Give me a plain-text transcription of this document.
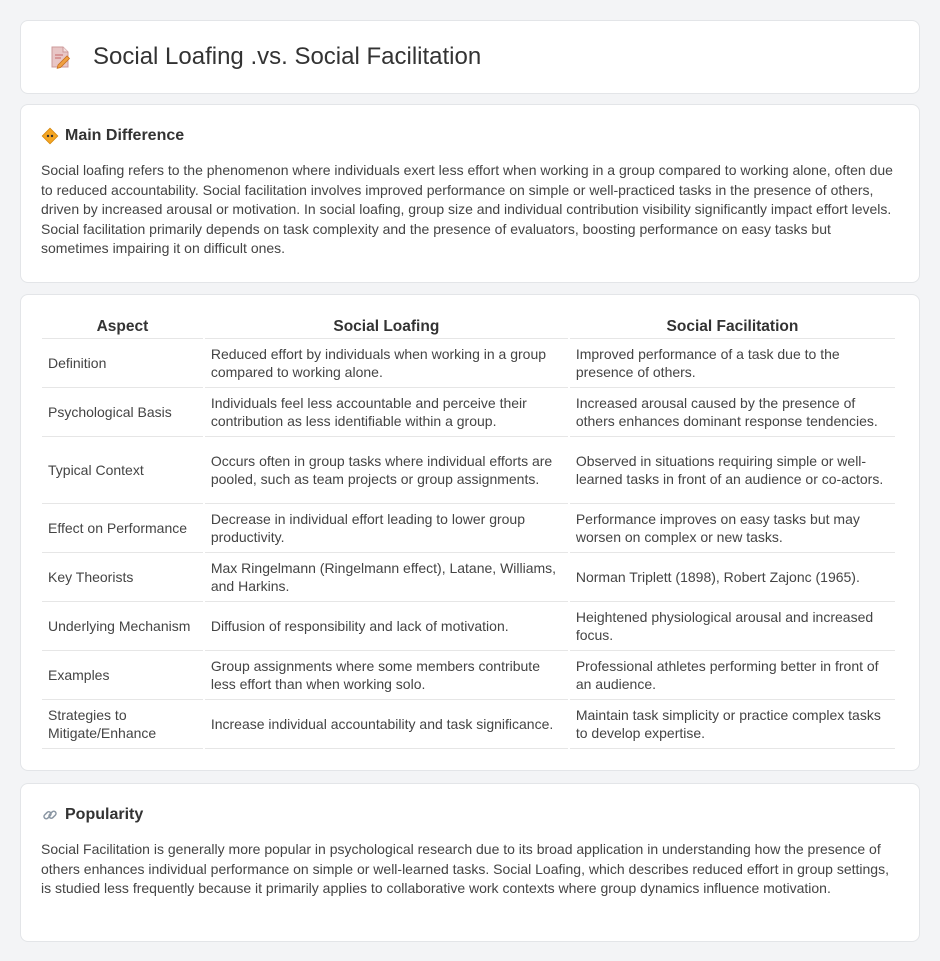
Social Loafing .vs. Social Facilitation
Main Difference

Social loafing refers to the phenomenon where individuals exert less effort when working in a group compared to working alone, often due to reduced accountability. Social facilitation involves improved performance on simple or well-practiced tasks in the presence of others, driven by increased arousal or motivation. In social loafing, group size and individual contribution visibility significantly impact effort levels. Social facilitation primarily depends on task complexity and the presence of evaluators, boosting performance on easy tasks but sometimes impairing it on difficult ones.

Aspect	Social Loafing	Social Facilitation
Definition	Reduced effort by individuals when working in a group compared to working alone.	Improved performance of a task due to the presence of others.
Psychological Basis	Individuals feel less accountable and perceive their contribution as less identifiable within a group.	Increased arousal caused by the presence of others enhances dominant response tendencies.
Typical Context	Occurs often in group tasks where individual efforts are pooled, such as team projects or group assignments.	Observed in situations requiring simple or well-learned tasks in front of an audience or co-actors.
Effect on Performance	Decrease in individual effort leading to lower group productivity.	Performance improves on easy tasks but may worsen on complex or new tasks.
Key Theorists	Max Ringelmann (Ringelmann effect), Latane, Williams, and Harkins.	Norman Triplett (1898), Robert Zajonc (1965).
Underlying Mechanism	Diffusion of responsibility and lack of motivation.	Heightened physiological arousal and increased focus.
Examples	Group assignments where some members contribute less effort than when working solo.	Professional athletes performing better in front of an audience.
Strategies to Mitigate/Enhance	Increase individual accountability and task significance.	Maintain task simplicity or practice complex tasks to develop expertise.
Popularity

Social Facilitation is generally more popular in psychological research due to its broad application in understanding how the presence of others enhances individual performance on simple or well-learned tasks. Social Loafing, which describes reduced effort in group settings, is studied less frequently because it primarily applies to collaborative work contexts where group dynamics influence motivation.
